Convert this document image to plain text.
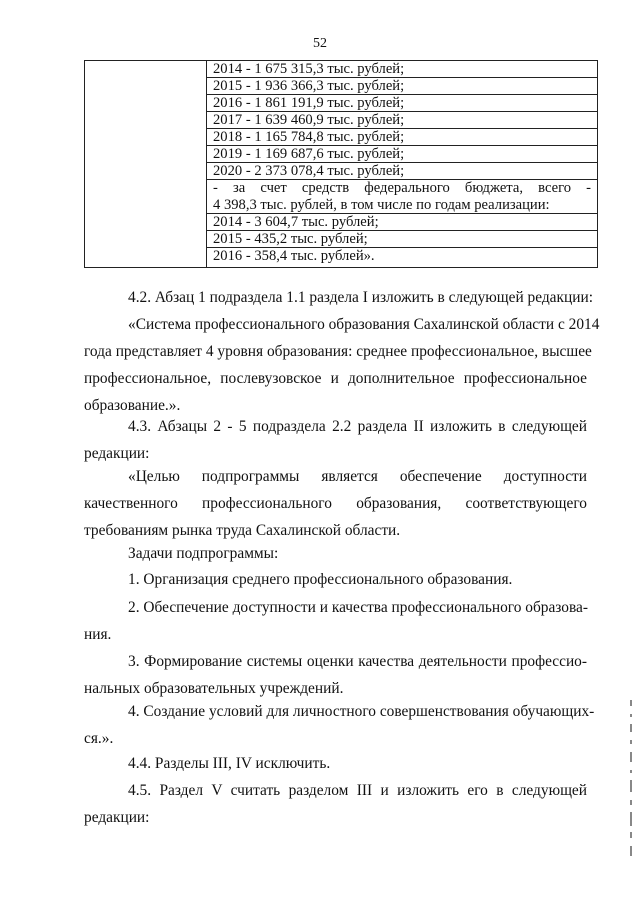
52
2014 - 1 675 315,3 тыс. рублей;
2015 - 1 936 366,3 тыс. рублей;
2016 - 1 861 191,9 тыс. рублей;
2017 - 1 639 460,9 тыс. рублей;
2018 - 1 165 784,8 тыс. рублей;
2019 - 1 169 687,6 тыс. рублей;
2020 - 2 373 078,4 тыс. рублей;
- за счет средств федерального бюджета, всего -
4 398,3 тыс. рублей, в том числе по годам реализации:
2014 - 3 604,7 тыс. рублей;
2015 - 435,2 тыс. рублей;
2016 - 358,4 тыс. рублей».
4.2. Абзац 1 подраздела 1.1 раздела I изложить в следующей редакции:
«Система профессионального образования Сахалинской области с 2014
года представляет 4 уровня образования: среднее профессиональное, высшее
профессиональное, послевузовское и дополнительное профессиональное
образование.».
4.3. Абзацы 2 - 5 подраздела 2.2 раздела II изложить в следующей
редакции:
«Целью подпрограммы является обеспечение доступности
качественного профессионального образования, соответствующего
требованиям рынка труда Сахалинской области.
Задачи подпрограммы:
1. Организация среднего профессионального образования.
2. Обеспечение доступности и качества профессионального образова-
ния.
3. Формирование системы оценки качества деятельности профессио-
нальных образовательных учреждений.
4. Создание условий для личностного совершенствования обучающих-
ся.».
4.4. Разделы III, IV исключить.
4.5. Раздел V считать разделом III и изложить его в следующей
редакции:
